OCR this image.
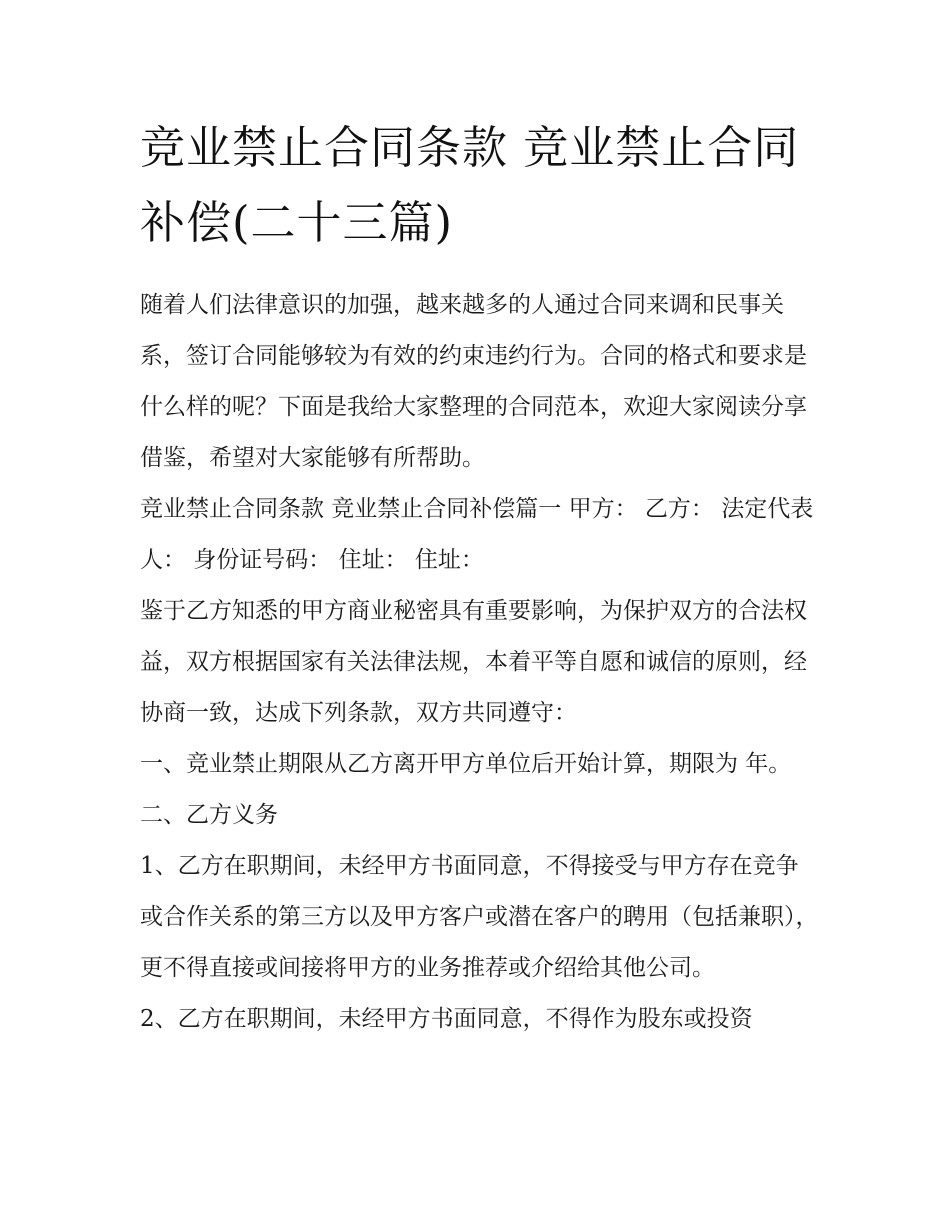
竞业禁止合同条款 竞业禁止合同补偿(二十三篇)

随着人们法律意识的加强，越来越多的人通过合同来调和民事关系，签订合同能够较为有效的约束违约行为。合同的格式和要求是什么样的呢？下面是我给大家整理的合同范本，欢迎大家阅读分享借鉴，希望对大家能够有所帮助。

竞业禁止合同条款 竞业禁止合同补偿篇一 甲方： 乙方： 法定代表人： 身份证号码： 住址： 住址：

鉴于乙方知悉的甲方商业秘密具有重要影响，为保护双方的合法权益，双方根据国家有关法律法规，本着平等自愿和诚信的原则，经协商一致，达成下列条款，双方共同遵守：

一、竞业禁止期限从乙方离开甲方单位后开始计算，期限为 年。 二、乙方义务

1、乙方在职期间，未经甲方书面同意，不得接受与甲方存在竞争或合作关系的第三方以及甲方客户或潜在客户的聘用（包括兼职），更不得直接或间接将甲方的业务推荐或介绍给其他公司。

2、乙方在职期间，未经甲方书面同意，不得作为股东或投资
